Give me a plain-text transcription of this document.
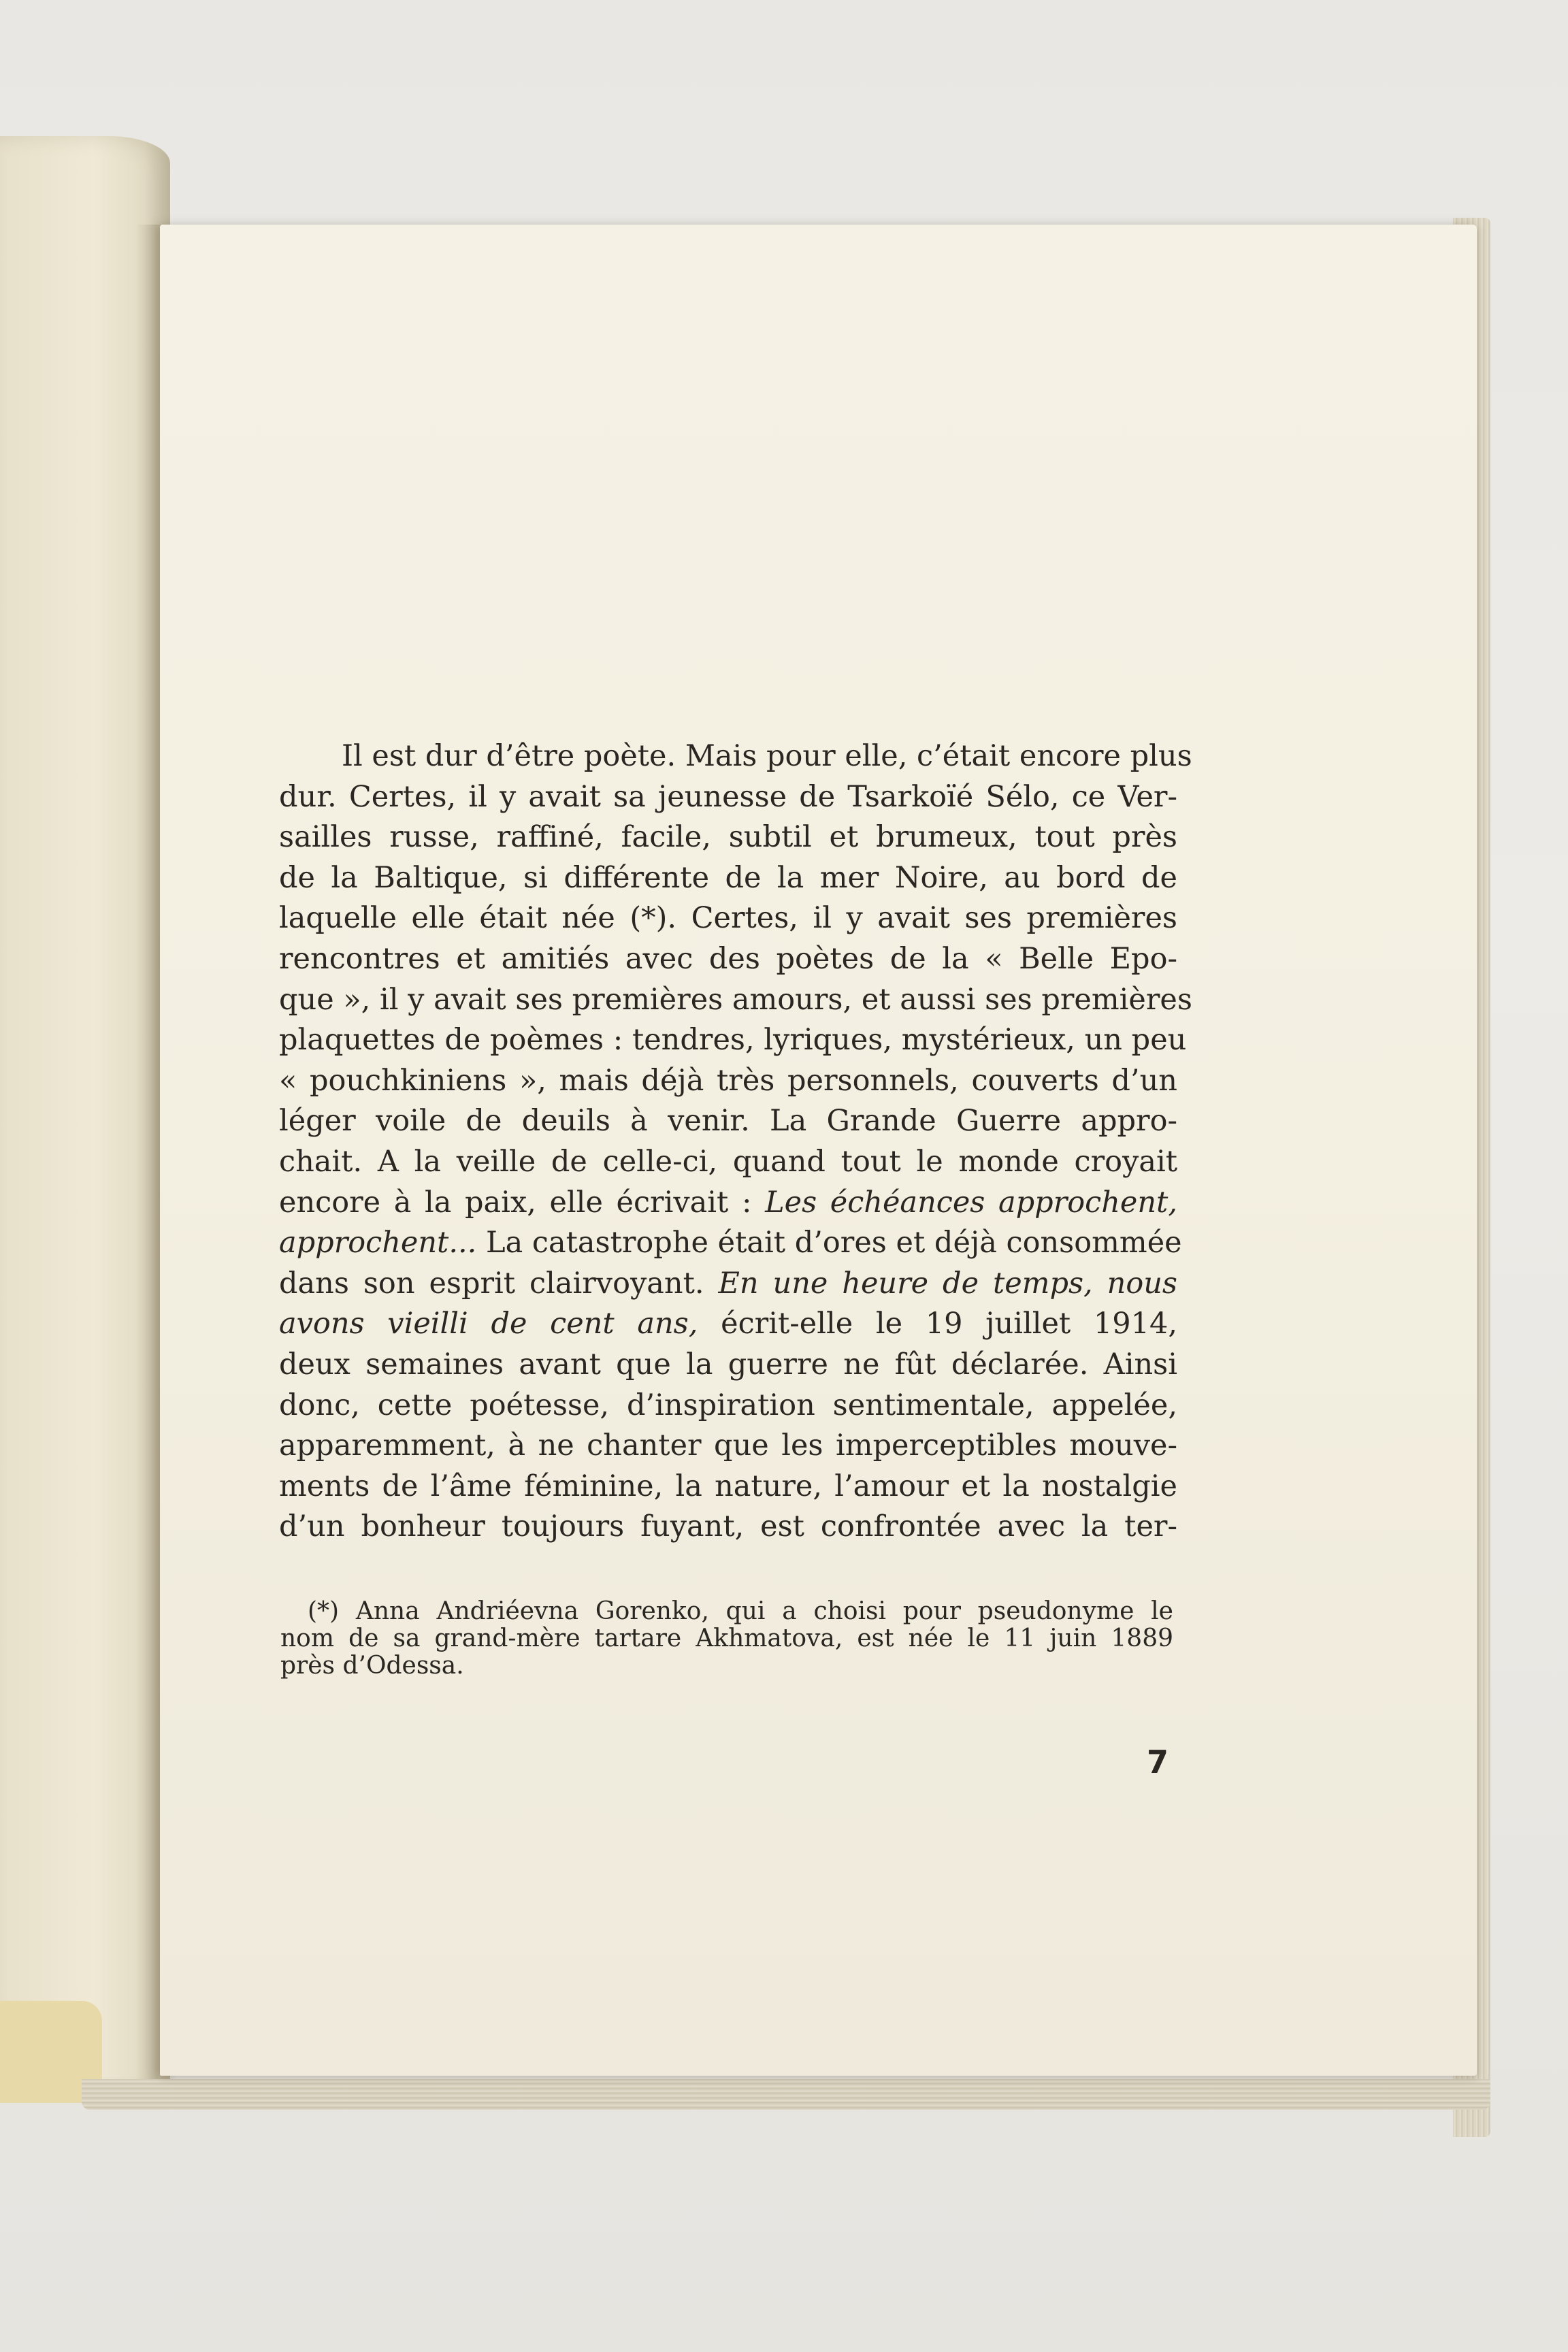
Il est dur d’être poète. Mais pour elle, c’était encore plus
dur. Certes, il y avait sa jeunesse de Tsarkoïé Sélo, ce Ver-
sailles russe, raffiné, facile, subtil et brumeux, tout près
de la Baltique, si différente de la mer Noire, au bord de
laquelle elle était née (*). Certes, il y avait ses premières
rencontres et amitiés avec des poètes de la « Belle Epo-
que », il y avait ses premières amours, et aussi ses premières
plaquettes de poèmes : tendres, lyriques, mystérieux, un peu
« pouchkiniens », mais déjà très personnels, couverts d’un
léger voile de deuils à venir. La Grande Guerre appro-
chait. A la veille de celle-ci, quand tout le monde croyait
encore à la paix, elle écrivait : Les échéances approchent,
approchent... La catastrophe était d’ores et déjà consommée
dans son esprit clairvoyant. En une heure de temps, nous
avons vieilli de cent ans, écrit-elle le 19 juillet 1914,
deux semaines avant que la guerre ne fût déclarée. Ainsi
donc, cette poétesse, d’inspiration sentimentale, appelée,
apparemment, à ne chanter que les imperceptibles mouve-
ments de l’âme féminine, la nature, l’amour et la nostalgie
d’un bonheur toujours fuyant, est confrontée avec la ter-
(*) Anna Andriéevna Gorenko, qui a choisi pour pseudonyme le
nom de sa grand-mère tartare Akhmatova, est née le 11 juin 1889
près d’Odessa.
7
